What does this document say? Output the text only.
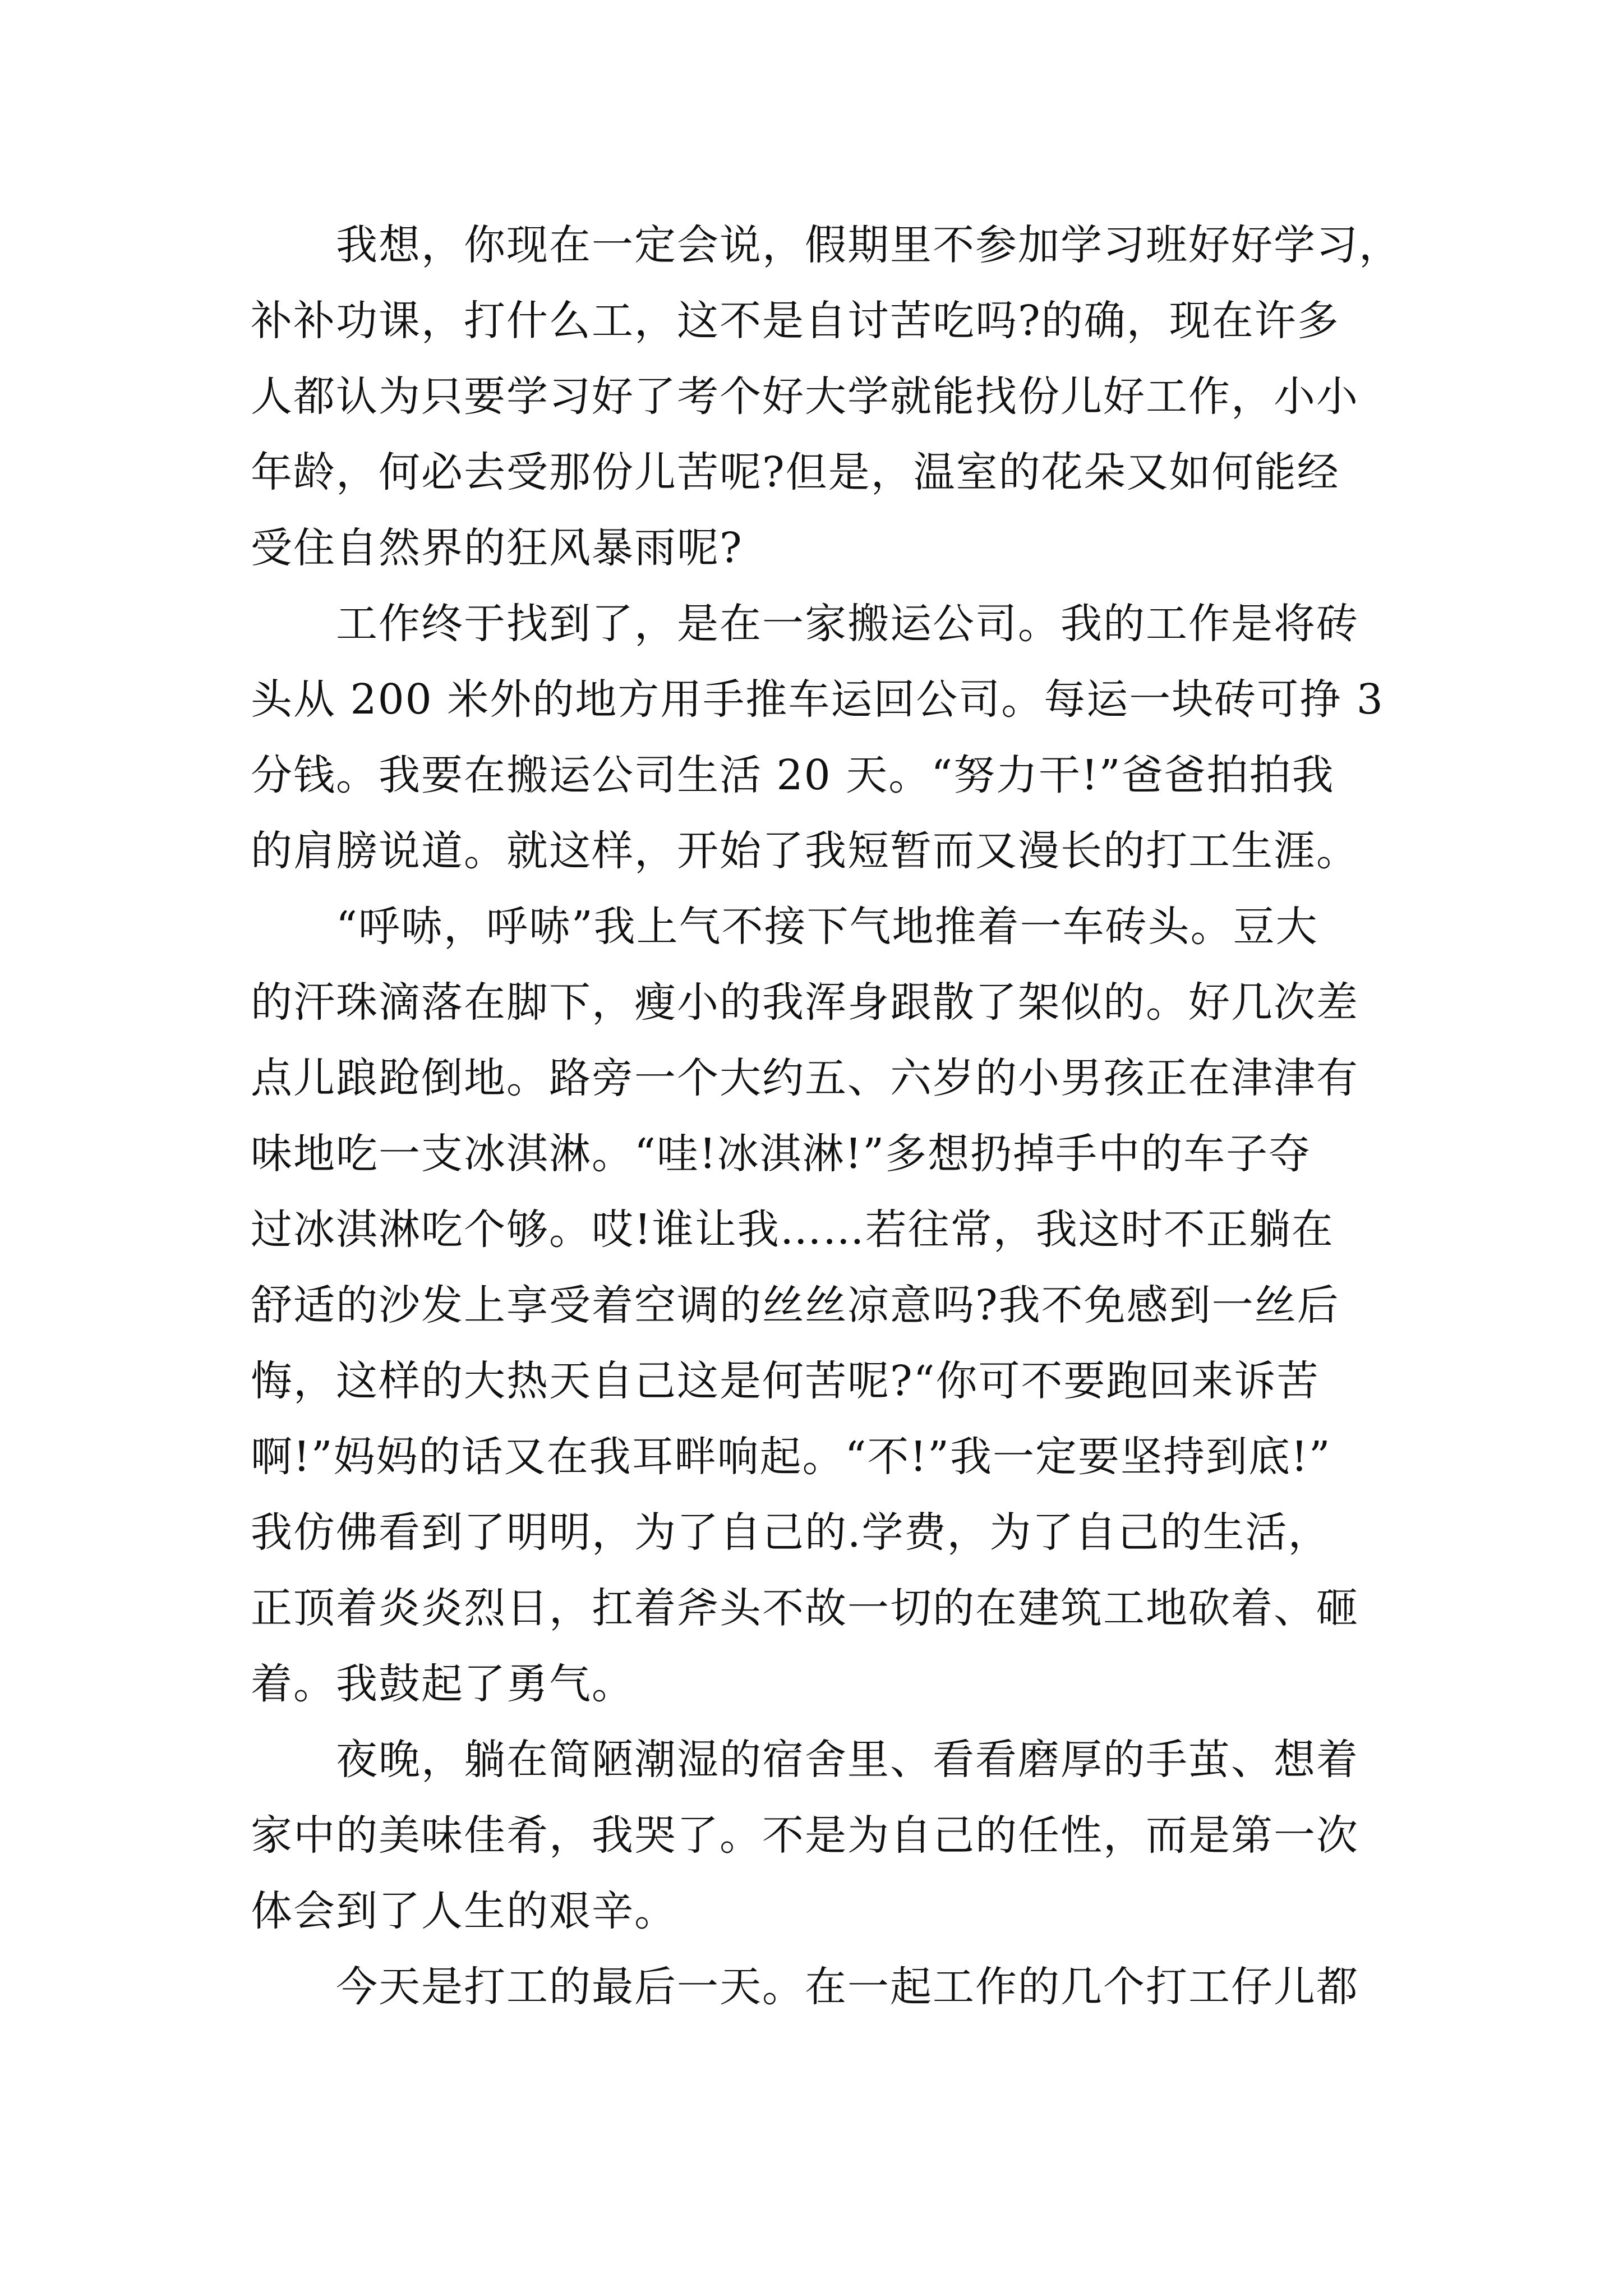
我想，你现在一定会说，假期里不参加学习班好好学习，
补补功课，打什么工，这不是自讨苦吃吗?的确，现在许多
人都认为只要学习好了考个好大学就能找份儿好工作，小小
年龄，何必去受那份儿苦呢?但是，温室的花朵又如何能经
受住自然界的狂风暴雨呢?
工作终于找到了，是在一家搬运公司。我的工作是将砖
头从 200 米外的地方用手推车运回公司。每运一块砖可挣 3
分钱。我要在搬运公司生活 20 天。“努力干!”爸爸拍拍我
的肩膀说道。就这样，开始了我短暂而又漫长的打工生涯。
“呼哧，呼哧”我上气不接下气地推着一车砖头。豆大
的汗珠滴落在脚下，瘦小的我浑身跟散了架似的。好几次差
点儿踉跄倒地。路旁一个大约五、六岁的小男孩正在津津有
味地吃一支冰淇淋。“哇!冰淇淋!”多想扔掉手中的车子夺
过冰淇淋吃个够。哎!谁让我……若往常，我这时不正躺在
舒适的沙发上享受着空调的丝丝凉意吗?我不免感到一丝后
悔，这样的大热天自己这是何苦呢?“你可不要跑回来诉苦
啊!”妈妈的话又在我耳畔响起。“不!”我一定要坚持到底!”
我仿佛看到了明明，为了自己的.学费，为了自己的生活，
正顶着炎炎烈日，扛着斧头不故一切的在建筑工地砍着、砸
着。我鼓起了勇气。
夜晚，躺在简陋潮湿的宿舍里、看看磨厚的手茧、想着
家中的美味佳肴，我哭了。不是为自己的任性，而是第一次
体会到了人生的艰辛。
今天是打工的最后一天。在一起工作的几个打工仔儿都
